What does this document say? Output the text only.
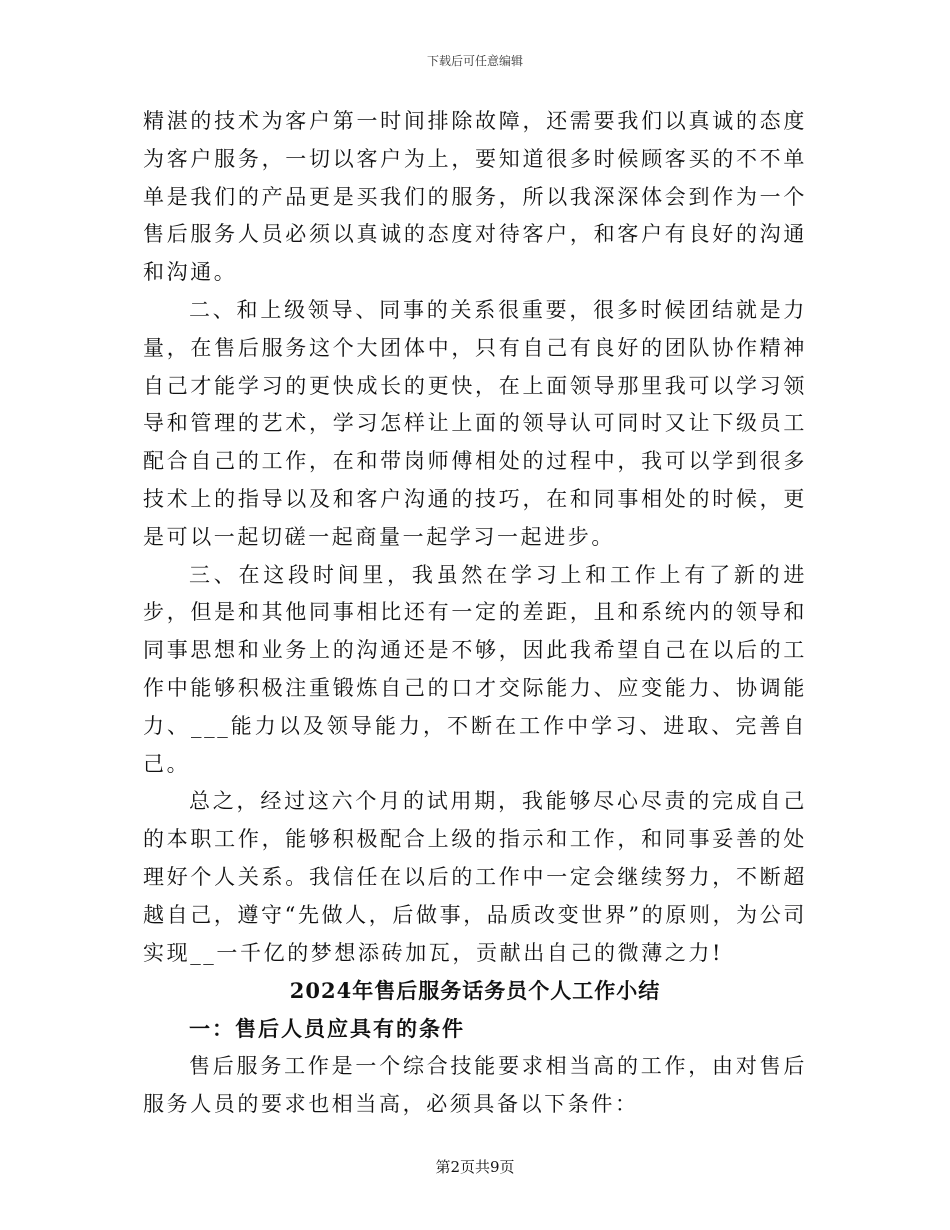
下载后可任意编辑

精湛的技术为客户第一时间排除故障，还需要我们以真诚的态度为客户服务，一切以客户为上，要知道很多时候顾客买的不不单单是我们的产品更是买我们的服务，所以我深深体会到作为一个售后服务人员必须以真诚的态度对待客户，和客户有良好的沟通和沟通。

二、和上级领导、同事的关系很重要，很多时候团结就是力量，在售后服务这个大团体中，只有自己有良好的团队协作精神自己才能学习的更快成长的更快，在上面领导那里我可以学习领导和管理的艺术，学习怎样让上面的领导认可同时又让下级员工配合自己的工作，在和带岗师傅相处的过程中，我可以学到很多技术上的指导以及和客户沟通的技巧，在和同事相处的时候，更是可以一起切磋一起商量一起学习一起进步。

三、在这段时间里，我虽然在学习上和工作上有了新的进步，但是和其他同事相比还有一定的差距，且和系统内的领导和同事思想和业务上的沟通还是不够，因此我希望自己在以后的工作中能够积极注重锻炼自己的口才交际能力、应变能力、协调能力、___能力以及领导能力，不断在工作中学习、进取、完善自己。

总之，经过这六个月的试用期，我能够尽心尽责的完成自己的本职工作，能够积极配合上级的指示和工作，和同事妥善的处理好个人关系。我信任在以后的工作中一定会继续努力，不断超越自己，遵守“先做人，后做事，品质改变世界”的原则，为公司实现__一千亿的梦想添砖加瓦，贡献出自己的微薄之力!

2024年售后服务话务员个人工作小结

一：售后人员应具有的条件

售后服务工作是一个综合技能要求相当高的工作，由对售后服务人员的要求也相当高，必须具备以下条件：

第2页共9页
